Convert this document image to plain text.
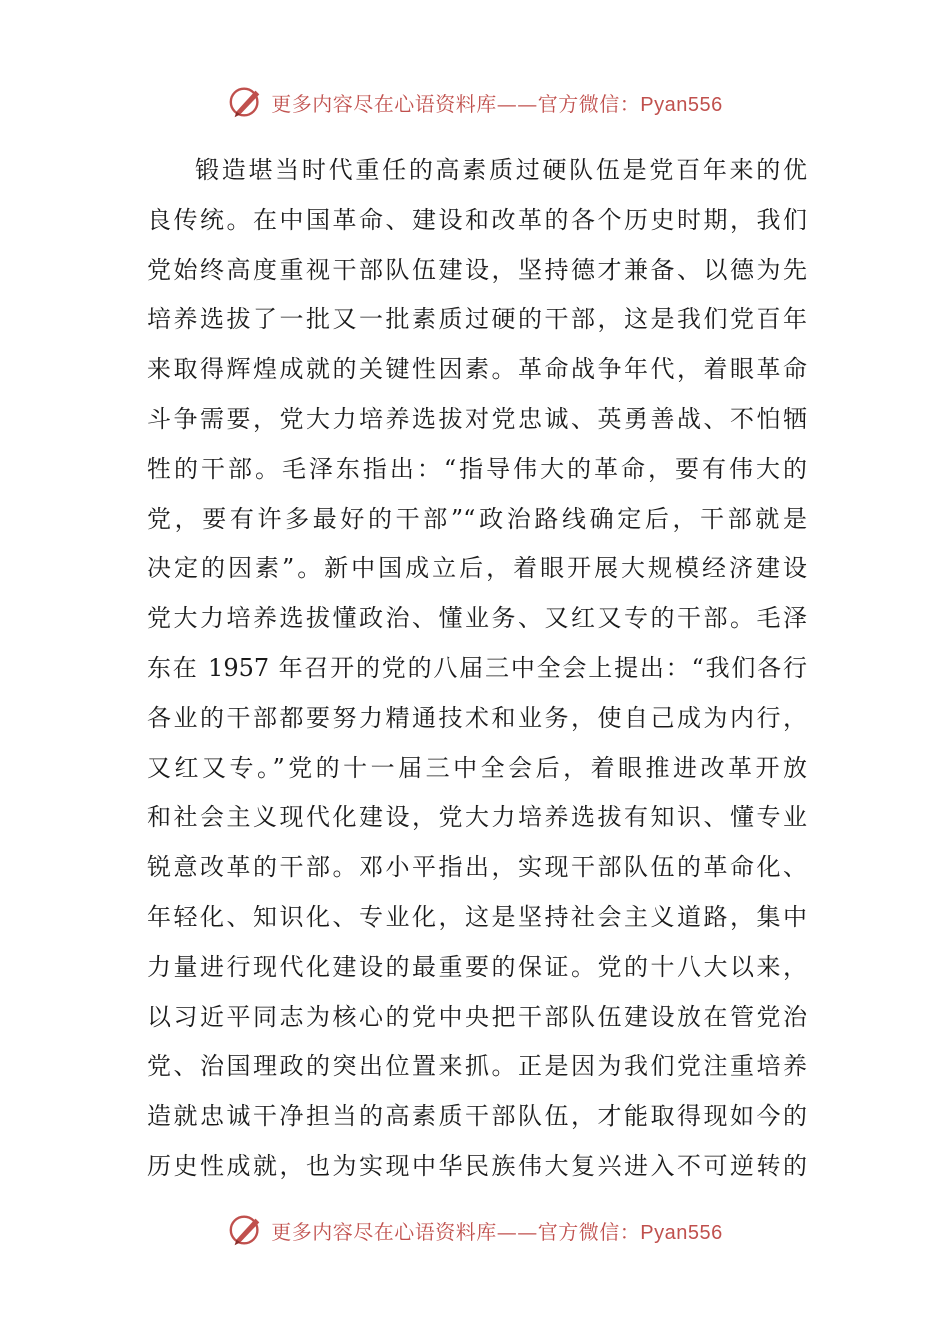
更多内容尽在心语资料库——官方微信：Pyan556
锻造堪当时代重任的高素质过硬队伍是党百年来的优
良传统。在中国革命、建设和改革的各个历史时期，我们
党始终高度重视干部队伍建设，坚持德才兼备、以德为先
培养选拔了一批又一批素质过硬的干部，这是我们党百年
来取得辉煌成就的关键性因素。革命战争年代，着眼革命
斗争需要，党大力培养选拔对党忠诚、英勇善战、不怕牺
牲的干部。毛泽东指出：“指导伟大的革命，要有伟大的
党，要有许多最好的干部”“政治路线确定后，干部就是
决定的因素”。新中国成立后，着眼开展大规模经济建设
党大力培养选拔懂政治、懂业务、又红又专的干部。毛泽
东在 1957 年召开的党的八届三中全会上提出：“我们各行
各业的干部都要努力精通技术和业务，使自己成为内行，
又红又专。”党的十一届三中全会后，着眼推进改革开放
和社会主义现代化建设，党大力培养选拔有知识、懂专业
锐意改革的干部。邓小平指出，实现干部队伍的革命化、
年轻化、知识化、专业化，这是坚持社会主义道路，集中
力量进行现代化建设的最重要的保证。党的十八大以来，
以习近平同志为核心的党中央把干部队伍建设放在管党治
党、治国理政的突出位置来抓。正是因为我们党注重培养
造就忠诚干净担当的高素质干部队伍，才能取得现如今的
历史性成就，也为实现中华民族伟大复兴进入不可逆转的
更多内容尽在心语资料库——官方微信：Pyan556
